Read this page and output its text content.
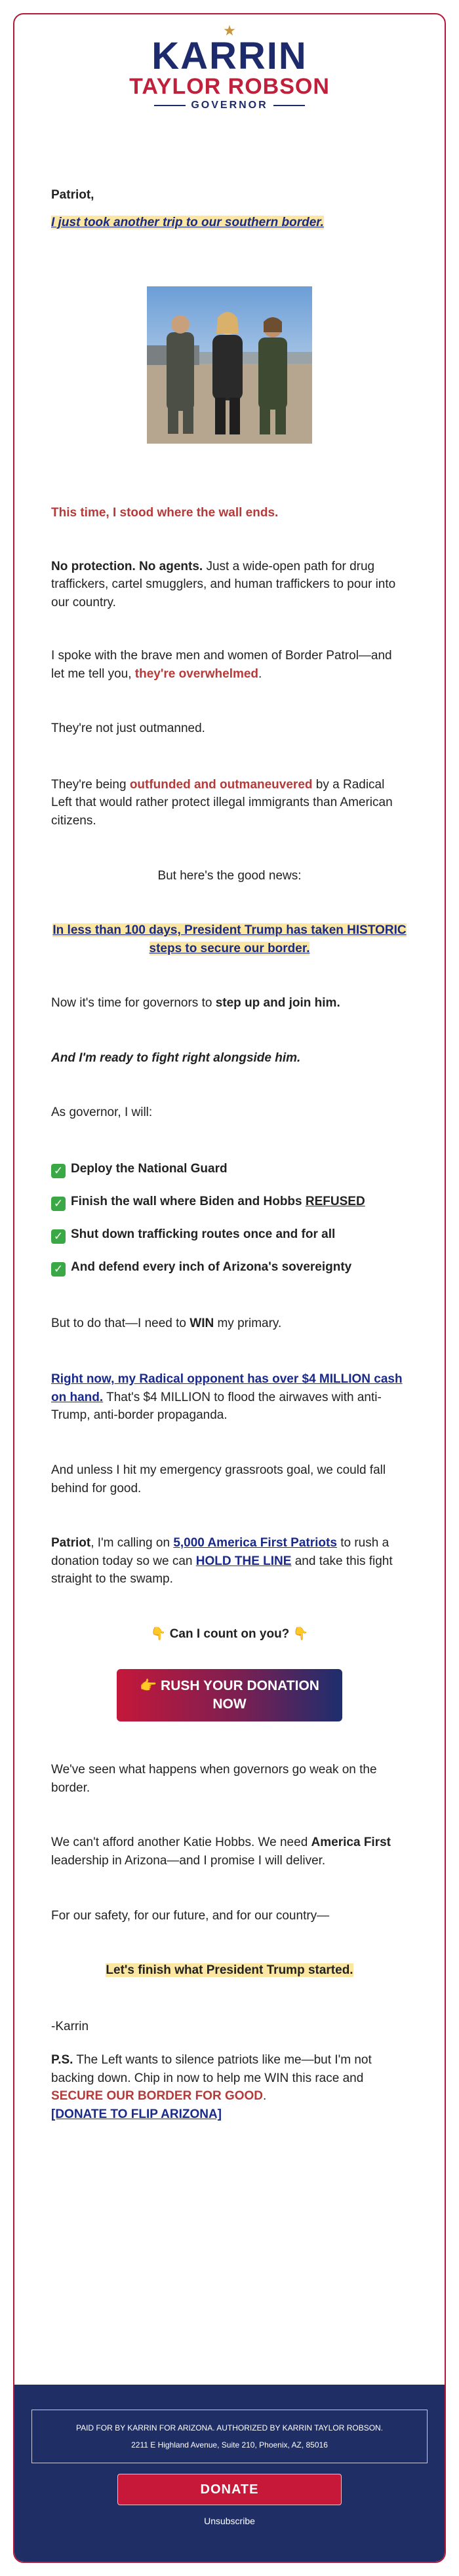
★
KARRIN
TAYLOR ROBSON
GOVERNOR

Patriot,

I just took another trip to our southern border.

This time, I stood where the wall ends.

No protection. No agents. Just a wide-open path for drug traffickers, cartel smugglers, and human traffickers to pour into our country.

I spoke with the brave men and women of Border Patrol—and let me tell you, they're overwhelmed.

They're not just outmanned.

They're being outfunded and outmaneuvered by a Radical Left that would rather protect illegal immigrants than American citizens.

But here's the good news:

In less than 100 days, President Trump has taken HISTORIC steps to secure our border.

Now it's time for governors to step up and join him.

And I'm ready to fight right alongside him.

As governor, I will:

✓ Deploy the National Guard

✓ Finish the wall where Biden and Hobbs REFUSED

✓ Shut down trafficking routes once and for all

✓ And defend every inch of Arizona's sovereignty

But to do that—I need to WIN my primary.

Right now, my Radical opponent has over $4 MILLION cash on hand. That's $4 MILLION to flood the airwaves with anti-Trump, anti-border propaganda.

And unless I hit my emergency grassroots goal, we could fall behind for good.

Patriot, I'm calling on 5,000 America First Patriots to rush a donation today so we can HOLD THE LINE and take this fight straight to the swamp.

👇 Can I count on you? 👇

👉 RUSH YOUR DONATION NOW

We've seen what happens when governors go weak on the border.

We can't afford another Katie Hobbs. We need America First leadership in Arizona—and I promise I will deliver.

For our safety, for our future, and for our country—

Let's finish what President Trump started.

-Karrin

P.S. The Left wants to silence patriots like me—but I'm not backing down. Chip in now to help me WIN this race and SECURE OUR BORDER FOR GOOD.
[DONATE TO FLIP ARIZONA]

PAID FOR BY KARRIN FOR ARIZONA. AUTHORIZED BY KARRIN TAYLOR ROBSON.
2211 E Highland Avenue, Suite 210, Phoenix, AZ, 85016
DONATE
Unsubscribe
